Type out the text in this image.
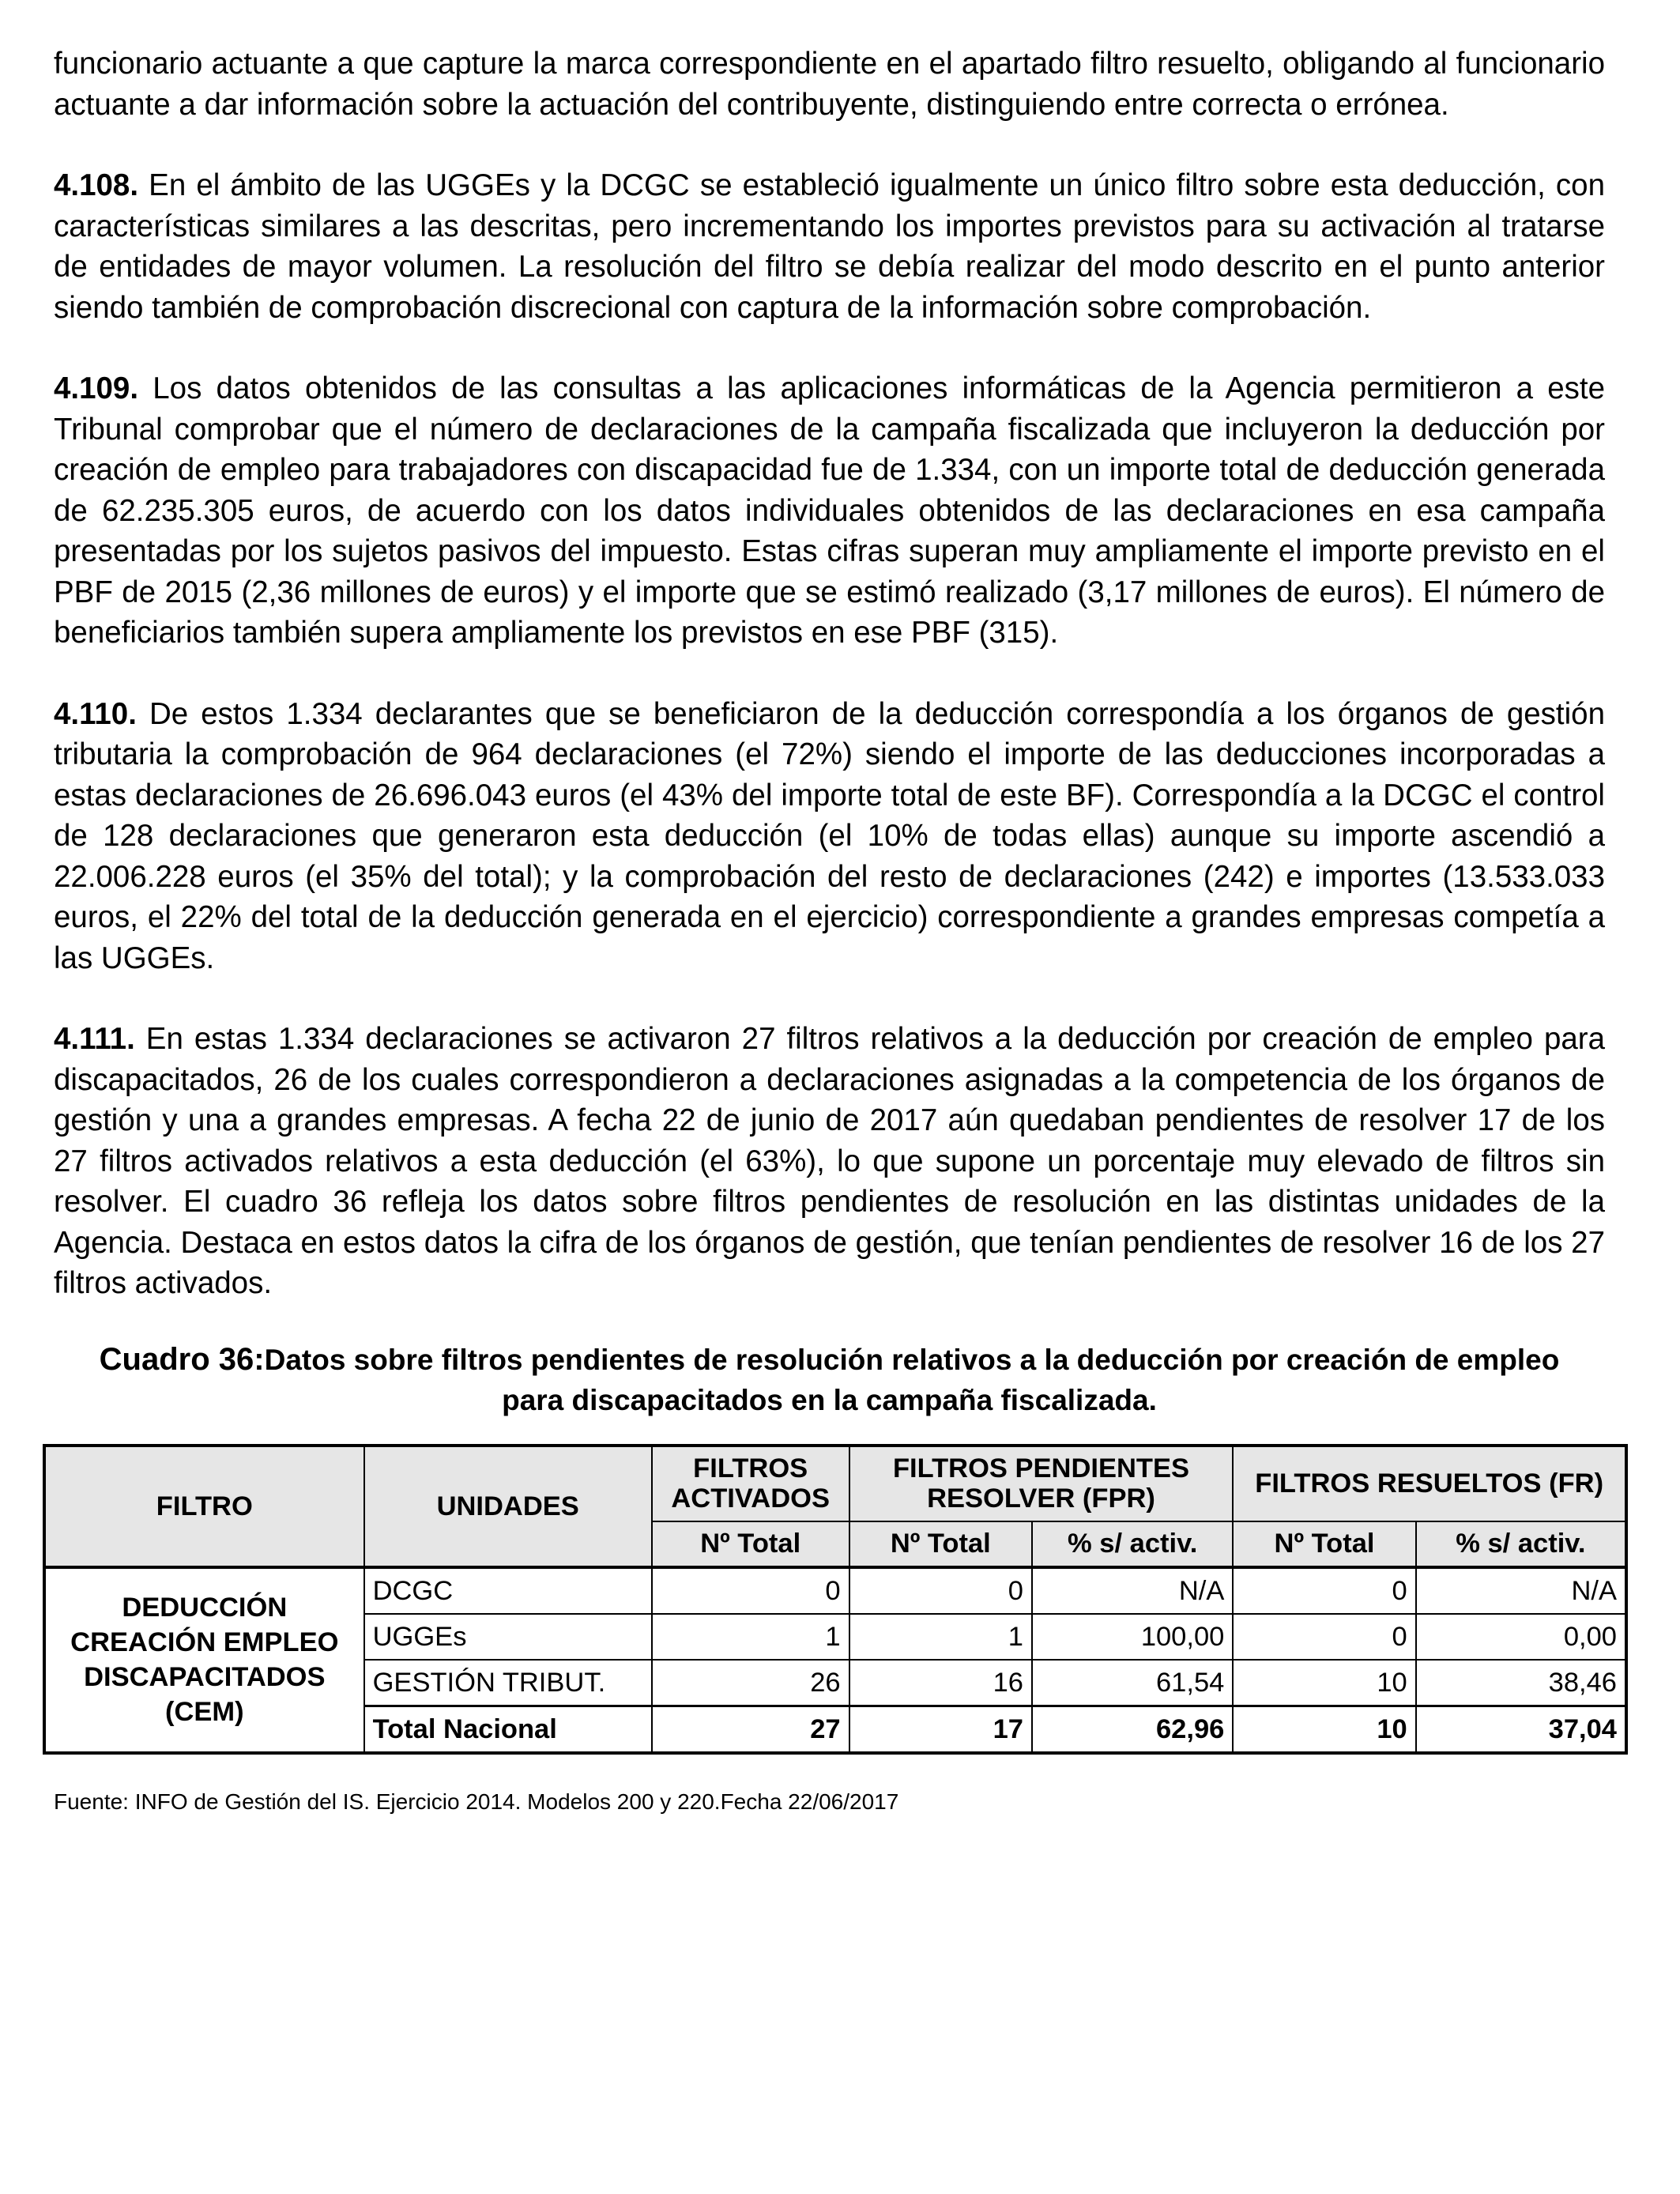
funcionario actuante a que capture la marca correspondiente en el apartado filtro resuelto, obligando al funcionario actuante a dar información sobre la actuación del contribuyente, distinguiendo entre correcta o errónea.

4.108. En el ámbito de las UGGEs y la DCGC se estableció igualmente un único filtro sobre esta deducción, con características similares a las descritas, pero incrementando los importes previstos para su activación al tratarse de entidades de mayor volumen. La resolución del filtro se debía realizar del modo descrito en el punto anterior siendo también de comprobación discrecional con captura de la información sobre comprobación.

4.109. Los datos obtenidos de las consultas a las aplicaciones informáticas de la Agencia permitieron a este Tribunal comprobar que el número de declaraciones de la campaña fiscalizada que incluyeron la deducción por creación de empleo para trabajadores con discapacidad fue de 1.334, con un importe total de deducción generada de 62.235.305 euros, de acuerdo con los datos individuales obtenidos de las declaraciones en esa campaña presentadas por los sujetos pasivos del impuesto. Estas cifras superan muy ampliamente el importe previsto en el PBF de 2015 (2,36 millones de euros) y el importe que se estimó realizado (3,17 millones de euros). El número de beneficiarios también supera ampliamente los previstos en ese PBF (315).

4.110. De estos 1.334 declarantes que se beneficiaron de la deducción correspondía a los órganos de gestión tributaria la comprobación de 964 declaraciones (el 72%) siendo el importe de las deducciones incorporadas a estas declaraciones de 26.696.043 euros (el 43% del importe total de este BF). Correspondía a la DCGC el control de 128 declaraciones que generaron esta deducción (el 10% de todas ellas) aunque su importe ascendió a 22.006.228 euros (el 35% del total); y la comprobación del resto de declaraciones (242) e importes (13.533.033 euros, el 22% del total de la deducción generada en el ejercicio) correspondiente a grandes empresas competía a las UGGEs.

4.111. En estas 1.334 declaraciones se activaron 27 filtros relativos a la deducción por creación de empleo para discapacitados, 26 de los cuales correspondieron a declaraciones asignadas a la competencia de los órganos de gestión y una a grandes empresas. A fecha 22 de junio de 2017 aún quedaban pendientes de resolver 17 de los 27 filtros activados relativos a esta deducción (el 63%), lo que supone un porcentaje muy elevado de filtros sin resolver. El cuadro 36 refleja los datos sobre filtros pendientes de resolución en las distintas unidades de la Agencia. Destaca en estos datos la cifra de los órganos de gestión, que tenían pendientes de resolver 16 de los 27 filtros activados.

Cuadro 36:Datos sobre filtros pendientes de resolución relativos a la deducción por creación de empleo para discapacitados en la campaña fiscalizada.
FILTRO	UNIDADES	FILTROS ACTIVADOS	FILTROS PENDIENTES RESOLVER (FPR)		FILTROS RESUELTOS (FR)	
		Nº Total	Nº Total	% s/ activ.	Nº Total	% s/ activ.
DEDUCCIÓN CREACIÓN EMPLEO DISCAPACITADOS (CEM)	DCGC	0	0	N/A	0	N/A
	UGGEs	1	1	100,00	0	0,00
	GESTIÓN TRIBUT.	26	16	61,54	10	38,46
	Total Nacional	27	17	62,96	10	37,04
Fuente: INFO de Gestión del IS. Ejercicio 2014. Modelos 200 y 220.Fecha 22/06/2017
